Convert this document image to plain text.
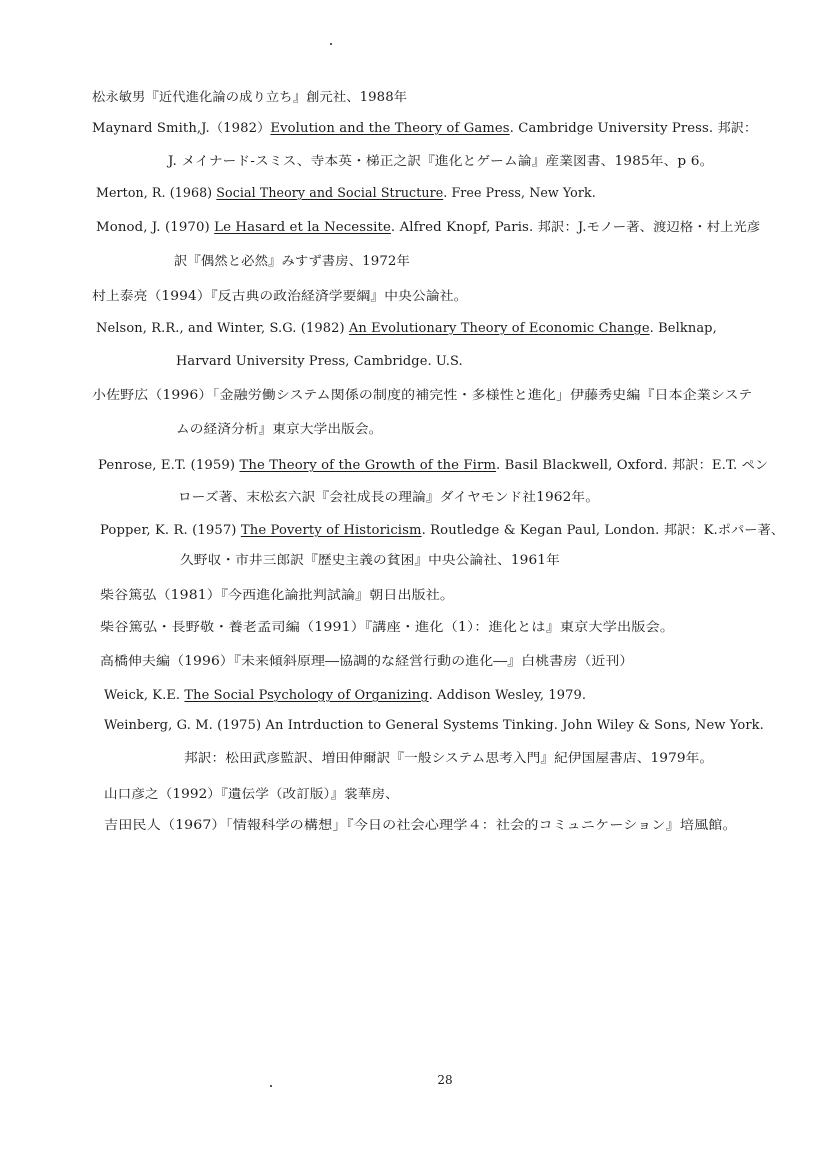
松永敏男『近代進化論の成り立ち』創元社、1988年
Maynard Smith,J.（1982）Evolution and the Theory of Games. Cambridge University Press. 邦訳：
J. メイナード-スミス、寺本英・梯正之訳『進化とゲーム論』産業図書、1985年、p 6。
Merton, R. (1968) Social Theory and Social Structure. Free Press, New York.
Monod, J. (1970) Le Hasard et la Necessite. Alfred Knopf, Paris. 邦訳：J.モノー著、渡辺格・村上光彦
訳『偶然と必然』みすず書房、1972年
村上泰亮（1994）『反古典の政治経済学要綱』中央公論社。
Nelson, R.R., and Winter, S.G. (1982) An Evolutionary Theory of Economic Change. Belknap,
Harvard University Press, Cambridge. U.S.
小佐野広（1996）「金融労働システム関係の制度的補完性・多様性と進化」伊藤秀史編『日本企業システ
ムの経済分析』東京大学出版会。
Penrose, E.T. (1959) The Theory of the Growth of the Firm. Basil Blackwell, Oxford. 邦訳：E.T. ペン
ローズ著、末松玄六訳『会社成長の理論』ダイヤモンド社1962年。
Popper, K. R. (1957) The Poverty of Historicism. Routledge & Kegan Paul, London. 邦訳：K.ポパー著、
久野収・市井三郎訳『歴史主義の貧困』中央公論社、1961年
柴谷篤弘（1981）『今西進化論批判試論』朝日出版社。
柴谷篤弘・長野敬・養老孟司編（1991）『講座・進化（1）：進化とは』東京大学出版会。
高橋伸夫編（1996）『未来傾斜原理―協調的な経営行動の進化―』白桃書房（近刊）
Weick, K.E. The Social Psychology of Organizing. Addison Wesley, 1979.
Weinberg, G. M. (1975) An Intrduction to General Systems Tinking. John Wiley & Sons, New York.
邦訳：松田武彦監訳、増田伸爾訳『一般システム思考入門』紀伊国屋書店、1979年。
山口彦之（1992）『遺伝学（改訂版）』裳華房、
吉田民人（1967）「情報科学の構想」『今日の社会心理学４：社会的コミュニケーション』培風館。
28
